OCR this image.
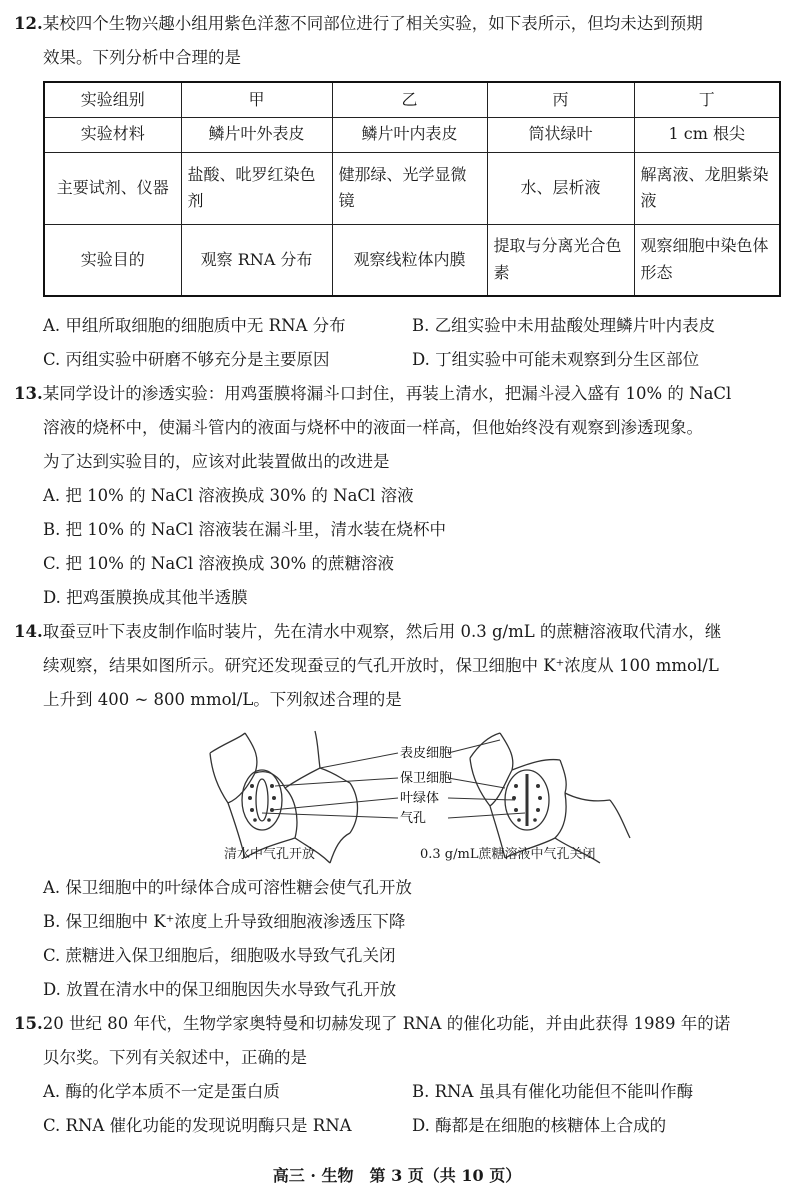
12.某校四个生物兴趣小组用紫色洋葱不同部位进行了相关实验，如下表所示，但均未达到预期
效果。下列分析中合理的是
实验组别	甲	乙	丙	丁
实验材料	鳞片叶外表皮	鳞片叶内表皮	筒状绿叶	1 cm 根尖
主要试剂、仪器	盐酸、吡罗红染色剂	健那绿、光学显微镜	水、层析液	解离液、龙胆紫染液
实验目的	观察 RNA 分布	观察线粒体内膜	提取与分离光合色素	观察细胞中染色体形态
A. 甲组所取细胞的细胞质中无 RNA 分布	B. 乙组实验中未用盐酸处理鳞片叶内表皮
C. 丙组实验中研磨不够充分是主要原因	D. 丁组实验中可能未观察到分生区部位
13.某同学设计的渗透实验：用鸡蛋膜将漏斗口封住，再装上清水，把漏斗浸入盛有 10% 的 NaCl
溶液的烧杯中，使漏斗管内的液面与烧杯中的液面一样高，但他始终没有观察到渗透现象。
为了达到实验目的，应该对此装置做出的改进是
A. 把 10% 的 NaCl 溶液换成 30% 的 NaCl 溶液
B. 把 10% 的 NaCl 溶液装在漏斗里，清水装在烧杯中
C. 把 10% 的 NaCl 溶液换成 30% 的蔗糖溶液
D. 把鸡蛋膜换成其他半透膜
14.取蚕豆叶下表皮制作临时装片，先在清水中观察，然后用 0.3 g/mL 的蔗糖溶液取代清水，继
续观察，结果如图所示。研究还发现蚕豆的气孔开放时，保卫细胞中 K⁺浓度从 100 mmol/L
上升到 400 ~ 800 mmol/L。下列叙述合理的是
表皮细胞
保卫细胞
叶绿体
气孔
清水中气孔开放	0.3 g/mL蔗糖溶液中气孔关闭
A. 保卫细胞中的叶绿体合成可溶性糖会使气孔开放
B. 保卫细胞中 K⁺浓度上升导致细胞液渗透压下降
C. 蔗糖进入保卫细胞后，细胞吸水导致气孔关闭
D. 放置在清水中的保卫细胞因失水导致气孔开放
15.20 世纪 80 年代，生物学家奥特曼和切赫发现了 RNA 的催化功能，并由此获得 1989 年的诺
贝尔奖。下列有关叙述中，正确的是
A. 酶的化学本质不一定是蛋白质	B. RNA 虽具有催化功能但不能叫作酶
C. RNA 催化功能的发现说明酶只是 RNA	D. 酶都是在细胞的核糖体上合成的
高三 · 生物　第 3 页（共 10 页）
